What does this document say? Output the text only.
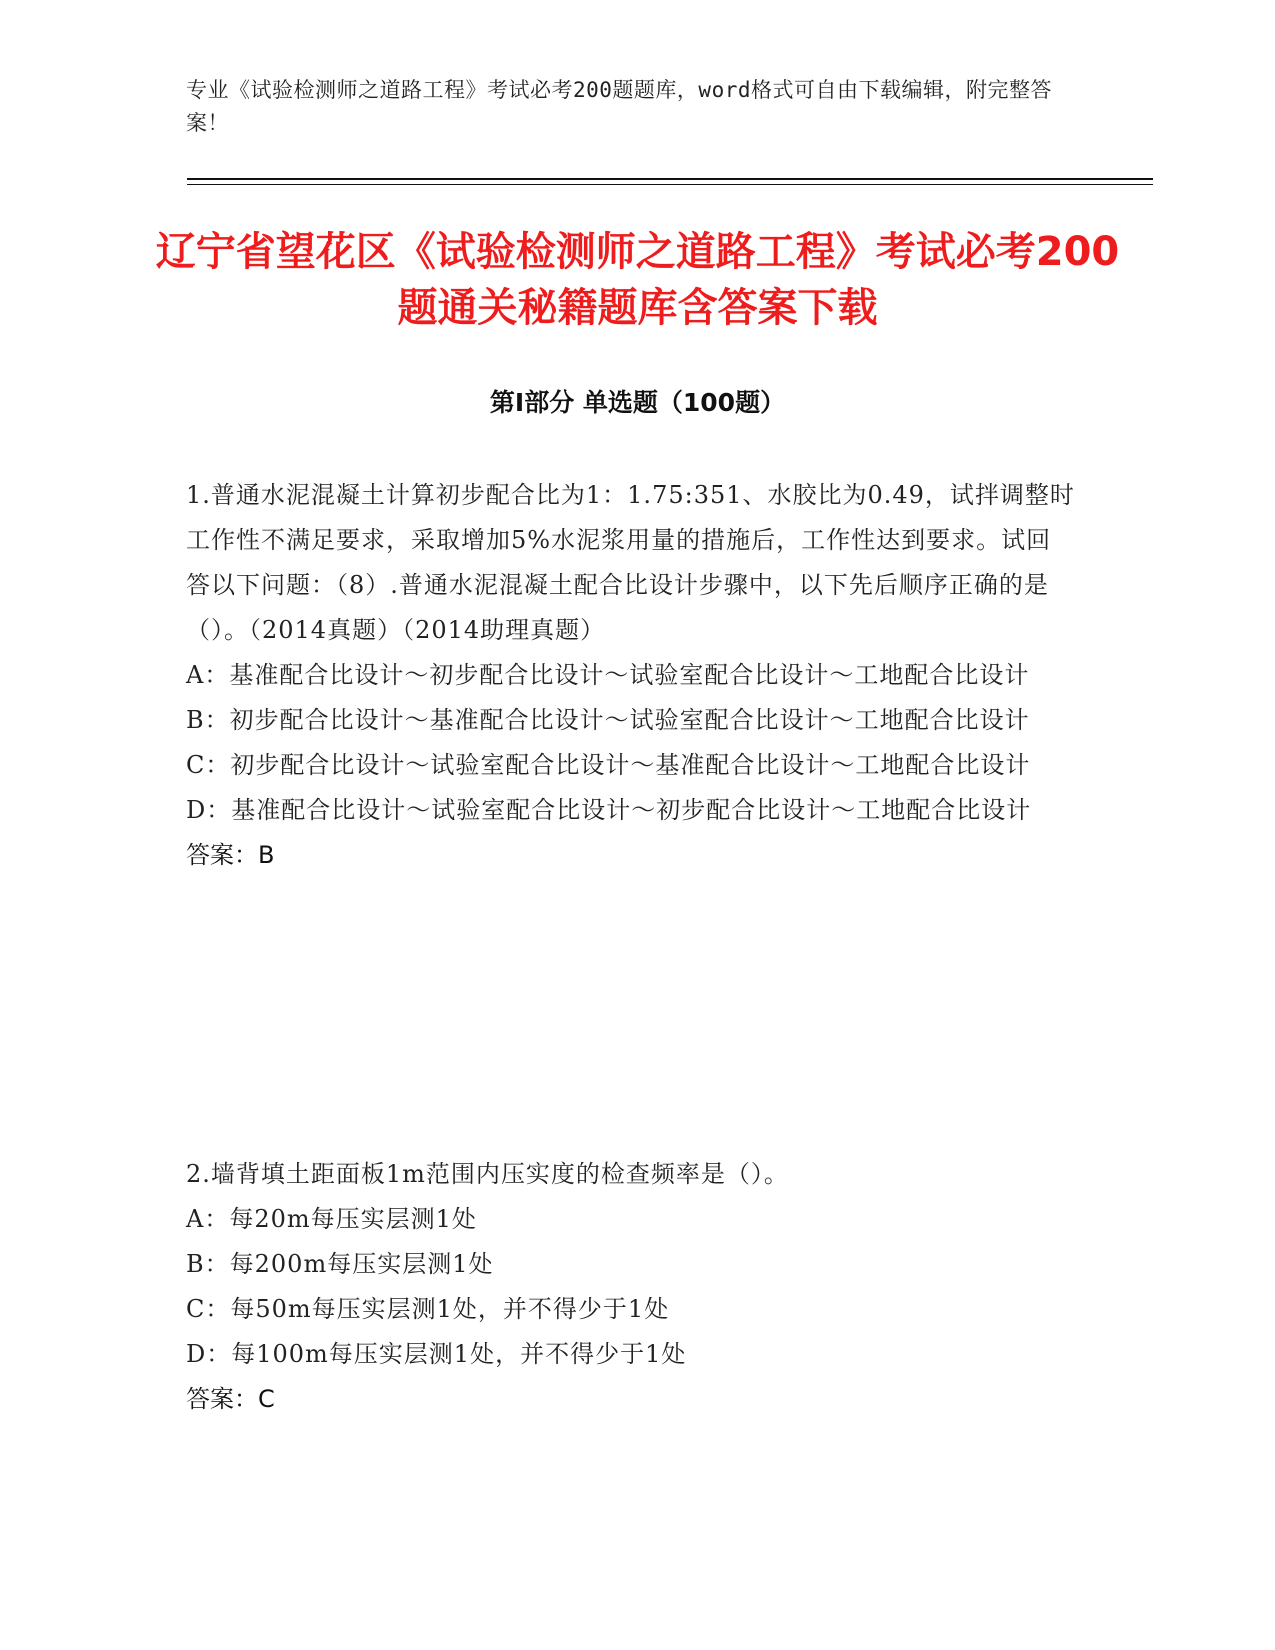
专业《试验检测师之道路工程》考试必考200题题库，word格式可自由下载编辑，附完整答案！
辽宁省望花区《试验检测师之道路工程》考试必考200题通关秘籍题库含答案下载
第Ⅰ部分 单选题（100题）

1.普通水泥混凝土计算初步配合比为1：1.75:351、水胶比为0.49，试拌调整时工作性不满足要求，采取增加5%水泥浆用量的措施后，工作性达到要求。试回答以下问题：（8）.普通水泥混凝土配合比设计步骤中，以下先后顺序正确的是（）。（2014真题）（2014助理真题）

A：基准配合比设计～初步配合比设计～试验室配合比设计～工地配合比设计

B：初步配合比设计～基准配合比设计～试验室配合比设计～工地配合比设计

C：初步配合比设计～试验室配合比设计～基准配合比设计～工地配合比设计

D：基准配合比设计～试验室配合比设计～初步配合比设计～工地配合比设计

答案：B

2.墙背填土距面板1m范围内压实度的检查频率是（）。

A：每20m每压实层测1处

B：每200m每压实层测1处

C：每50m每压实层测1处，并不得少于1处

D：每100m每压实层测1处，并不得少于1处

答案：C
